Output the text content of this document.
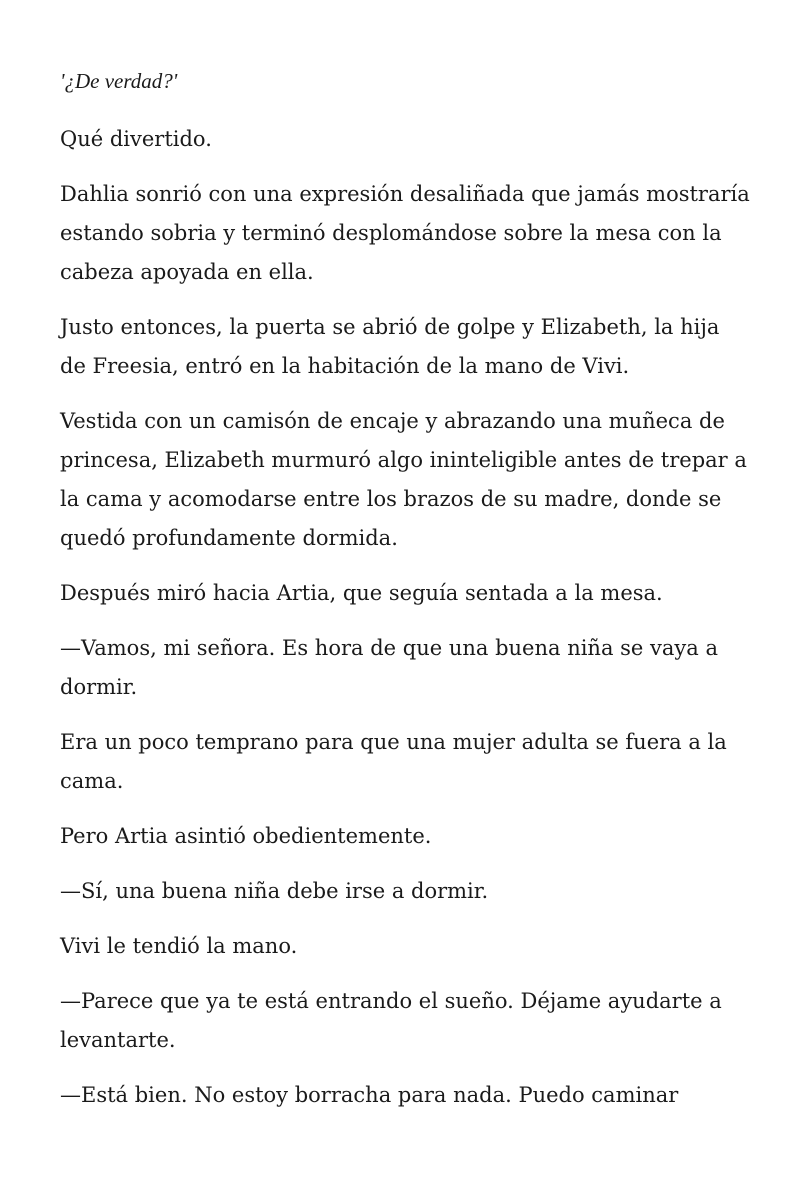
'¿De verdad?'

Qué divertido.

Dahlia sonrió con una expresión desaliñada que jamás mostraría estando sobria y terminó desplomándose sobre la mesa con la cabeza apoyada en ella.

Justo entonces, la puerta se abrió de golpe y Elizabeth, la hija de Freesia, entró en la habitación de la mano de Vivi.

Vestida con un camisón de encaje y abrazando una muñeca de princesa, Elizabeth murmuró algo ininteligible antes de trepar a la cama y acomodarse entre los brazos de su madre, donde se quedó profundamente dormida.

Después miró hacia Artia, que seguía sentada a la mesa.

—Vamos, mi señora. Es hora de que una buena niña se vaya a dormir.

Era un poco temprano para que una mujer adulta se fuera a la cama.

Pero Artia asintió obedientemente.

—Sí, una buena niña debe irse a dormir.

Vivi le tendió la mano.

—Parece que ya te está entrando el sueño. Déjame ayudarte a levantarte.

—Está bien. No estoy borracha para nada. Puedo caminar
